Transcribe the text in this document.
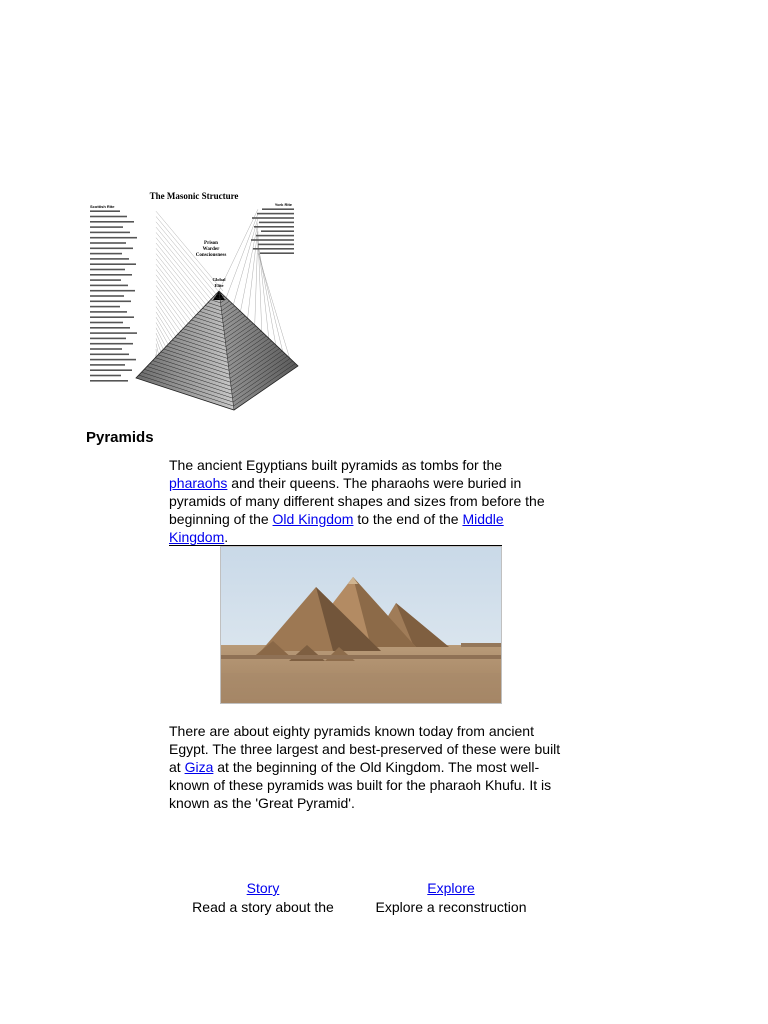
The Masonic Structure
Scottish Rite	York Rite
Prison
Warder
Consciousness
Global
Elite
Pyramids

The ancient Egyptians built pyramids as tombs for the pharaohs and their queens. The pharaohs were buried in pyramids of many different shapes and sizes from before the beginning of the Old Kingdom to the end of the Middle Kingdom.

There are about eighty pyramids known today from ancient Egypt. The three largest and best-preserved of these were built at Giza at the beginning of the Old Kingdom. The most well-known of these pyramids was built for the pharaoh Khufu. It is known as the 'Great Pyramid'.

Story
Read a story about the
Explore
Explore a reconstruction
